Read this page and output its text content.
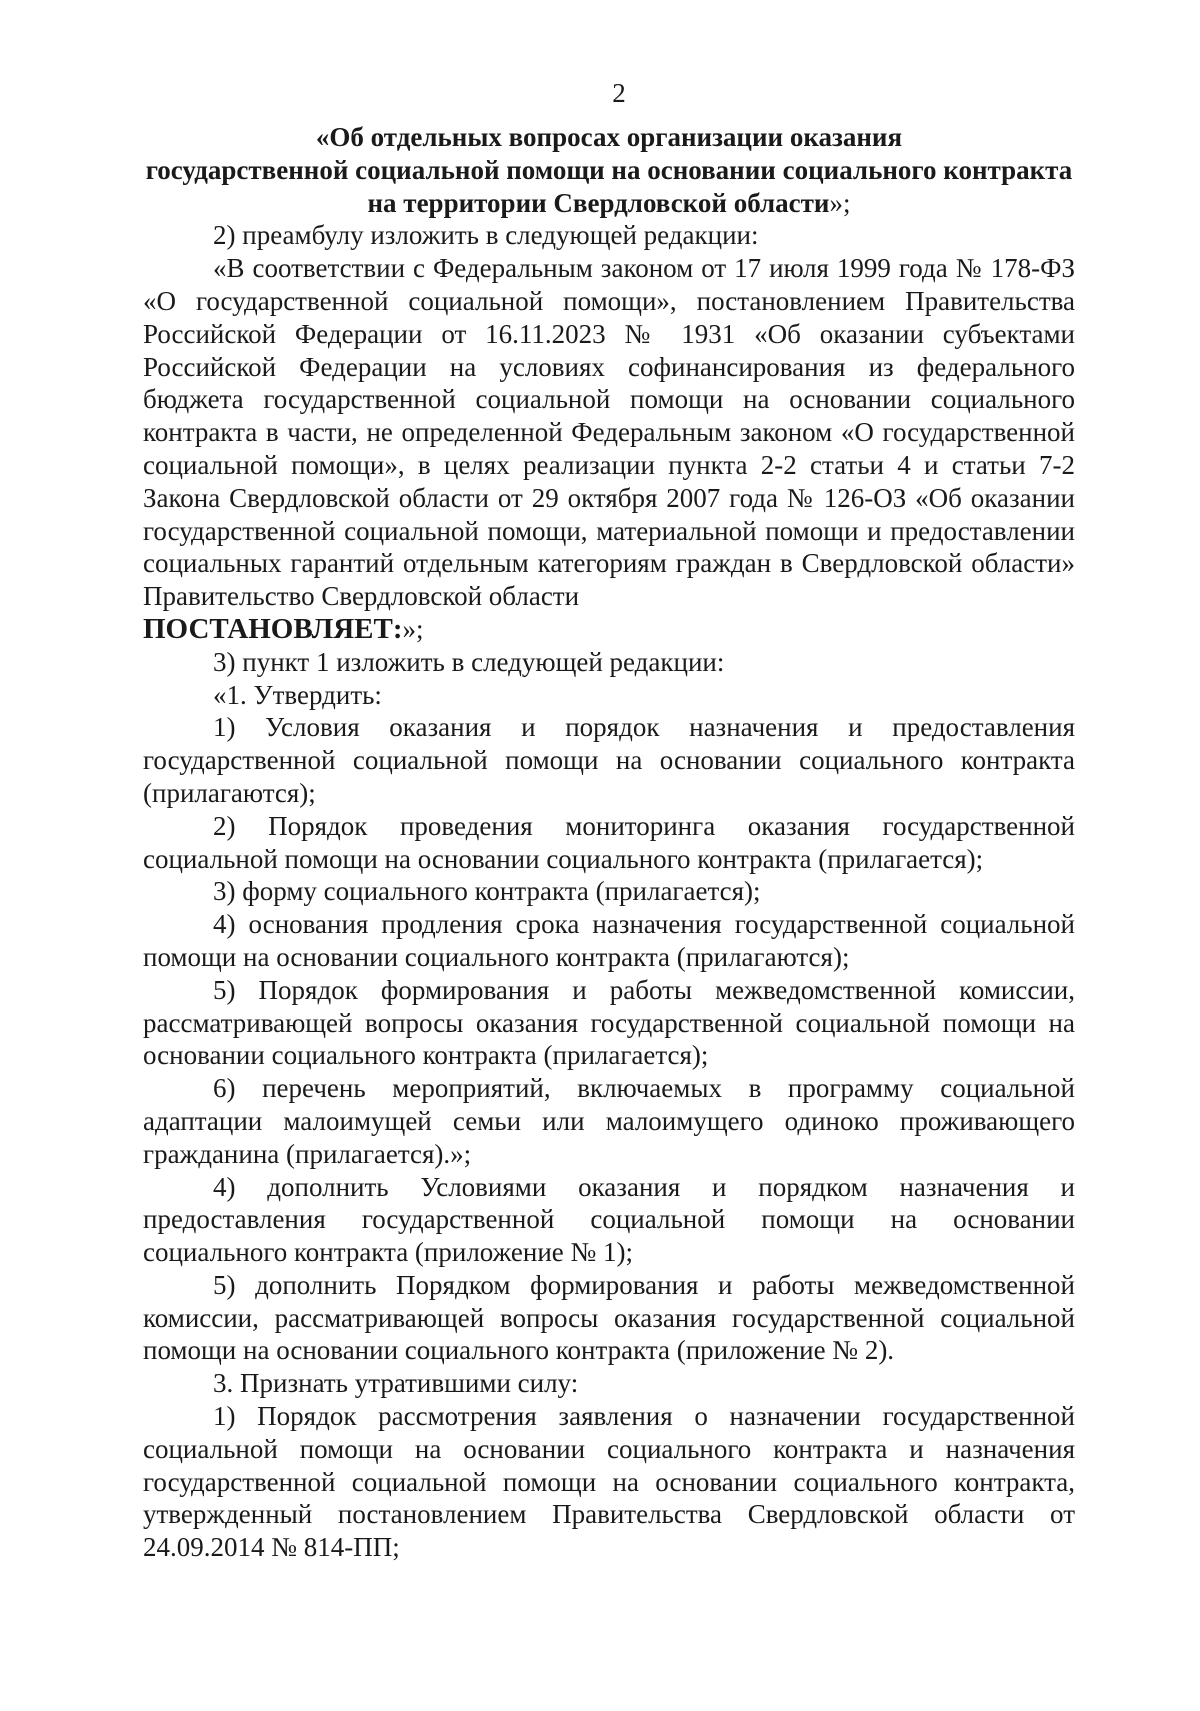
2
«Об отдельных вопросах организации оказания
государственной социальной помощи на основании социального контракта
на территории Свердловской области»;

2) преамбулу изложить в следующей редакции:

«В соответствии с Федеральным законом от 17 июля 1999 года № 178-ФЗ «О государственной социальной помощи», постановлением Правительства Российской Федерации от 16.11.2023 № 1931 «Об оказании субъектами Российской Федерации на условиях софинансирования из федерального бюджета государственной социальной помощи на основании социального контракта в части, не определенной Федеральным законом «О государственной социальной помощи», в целях реализации пункта 2-2 статьи 4 и статьи 7-2 Закона Свердловской области от 29 октября 2007 года № 126-ОЗ «Об оказании государственной социальной помощи, материальной помощи и предоставлении социальных гарантий отдельным категориям граждан в Свердловской области» Правительство Свердловской области

ПОСТАНОВЛЯЕТ:»;

3) пункт 1 изложить в следующей редакции:

«1. Утвердить:

1) Условия оказания и порядок назначения и предоставления государственной социальной помощи на основании социального контракта (прилагаются);

2) Порядок проведения мониторинга оказания государственной социальной помощи на основании социального контракта (прилагается);

3) форму социального контракта (прилагается);

4) основания продления срока назначения государственной социальной помощи на основании социального контракта (прилагаются);

5) Порядок формирования и работы межведомственной комиссии, рассматривающей вопросы оказания государственной социальной помощи на основании социального контракта (прилагается);

6) перечень мероприятий, включаемых в программу социальной адаптации малоимущей семьи или малоимущего одиноко проживающего гражданина (прилагается).»;

4) дополнить Условиями оказания и порядком назначения и предоставления государственной социальной помощи на основании социального контракта (приложение № 1);

5) дополнить Порядком формирования и работы межведомственной комиссии, рассматривающей вопросы оказания государственной социальной помощи на основании социального контракта (приложение № 2).

3. Признать утратившими силу:

1) Порядок рассмотрения заявления о назначении государственной социальной помощи на основании социального контракта и назначения государственной социальной помощи на основании социального контракта, утвержденный постановлением Правительства Свердловской области от 24.09.2014 № 814-ПП;
